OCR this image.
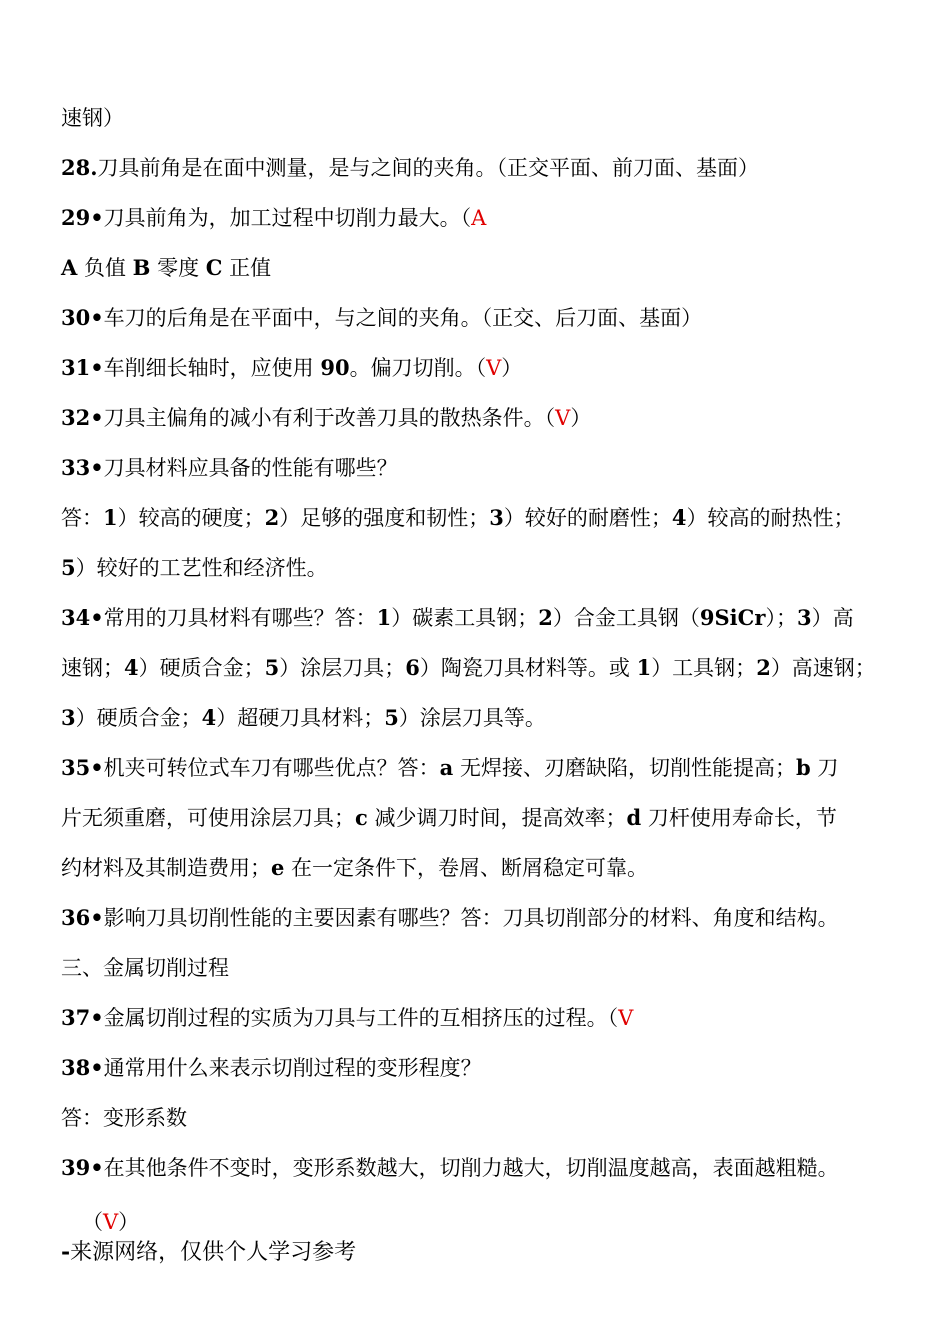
速钢）
28.刀具前角是在面中测量，是与之间的夹角。（正交平面、前刀面、基面）
29•刀具前角为，加工过程中切削力最大。（A
A 负值 B 零度 C 正值
30•车刀的后角是在平面中，与之间的夹角。（正交、后刀面、基面）
31•车削细长轴时，应使用 90。偏刀切削。（V）
32•刀具主偏角的减小有利于改善刀具的散热条件。（V）
33•刀具材料应具备的性能有哪些？
答：1）较高的硬度；2）足够的强度和韧性；3）较好的耐磨性；4）较高的耐热性；
5）较好的工艺性和经济性。
34•常用的刀具材料有哪些？答：1）碳素工具钢；2）合金工具钢（9SiCr）；3）高
速钢；4）硬质合金；5）涂层刀具；6）陶瓷刀具材料等。或 1）工具钢；2）高速钢；
3）硬质合金；4）超硬刀具材料；5）涂层刀具等。
35•机夹可转位式车刀有哪些优点？答：a 无焊接、刃磨缺陷，切削性能提高；b 刀
片无须重磨，可使用涂层刀具；c 减少调刀时间，提高效率；d 刀杆使用寿命长，节
约材料及其制造费用；e 在一定条件下，卷屑、断屑稳定可靠。
36•影响刀具切削性能的主要因素有哪些？答：刀具切削部分的材料、角度和结构。
三、金属切削过程
37•金属切削过程的实质为刀具与工件的互相挤压的过程。（V
38•通常用什么来表示切削过程的变形程度？
答：变形系数
39•在其他条件不变时，变形系数越大，切削力越大，切削温度越高，表面越粗糙。
（V）
-来源网络，仅供个人学习参考
